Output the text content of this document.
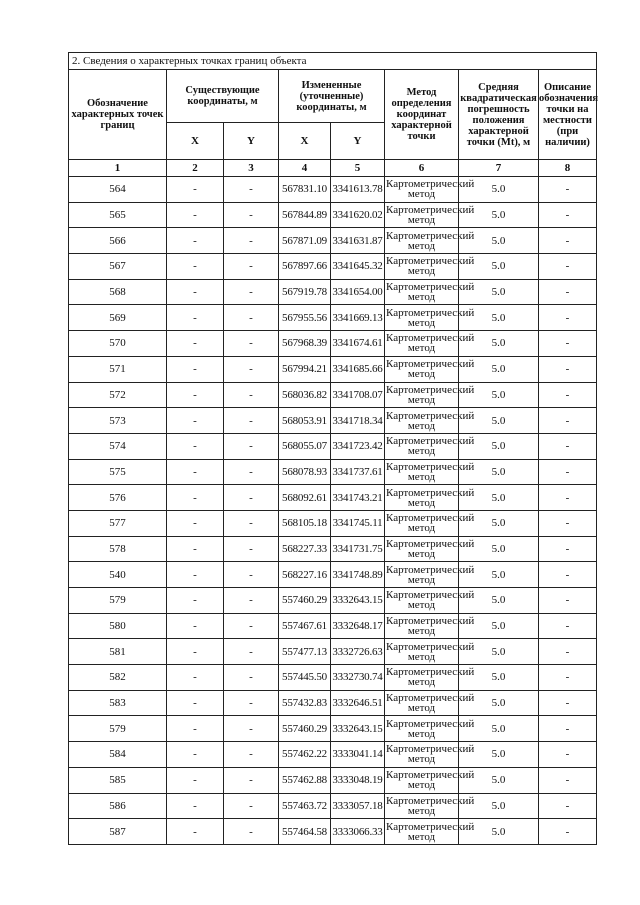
2. Сведения о характерных точках границ объекта							
Обозначение характерных точек границ	Существующие координаты, м		Измененные (уточненные) координаты, м		Метод определения координат характерной точки	Средняя квадратическая погрешность положения характерной точки (Mt), м	Описание обозначения точки на местности (при наличии)
	X	Y	X	Y			
1	2	3	4	5	6	7	8
564	-	-	567831.10	3341613.78	Картометрический метод	5.0	-
565	-	-	567844.89	3341620.02	Картометрический метод	5.0	-
566	-	-	567871.09	3341631.87	Картометрический метод	5.0	-
567	-	-	567897.66	3341645.32	Картометрический метод	5.0	-
568	-	-	567919.78	3341654.00	Картометрический метод	5.0	-
569	-	-	567955.56	3341669.13	Картометрический метод	5.0	-
570	-	-	567968.39	3341674.61	Картометрический метод	5.0	-
571	-	-	567994.21	3341685.66	Картометрический метод	5.0	-
572	-	-	568036.82	3341708.07	Картометрический метод	5.0	-
573	-	-	568053.91	3341718.34	Картометрический метод	5.0	-
574	-	-	568055.07	3341723.42	Картометрический метод	5.0	-
575	-	-	568078.93	3341737.61	Картометрический метод	5.0	-
576	-	-	568092.61	3341743.21	Картометрический метод	5.0	-
577	-	-	568105.18	3341745.11	Картометрический метод	5.0	-
578	-	-	568227.33	3341731.75	Картометрический метод	5.0	-
540	-	-	568227.16	3341748.89	Картометрический метод	5.0	-
579	-	-	557460.29	3332643.15	Картометрический метод	5.0	-
580	-	-	557467.61	3332648.17	Картометрический метод	5.0	-
581	-	-	557477.13	3332726.63	Картометрический метод	5.0	-
582	-	-	557445.50	3332730.74	Картометрический метод	5.0	-
583	-	-	557432.83	3332646.51	Картометрический метод	5.0	-
579	-	-	557460.29	3332643.15	Картометрический метод	5.0	-
584	-	-	557462.22	3333041.14	Картометрический метод	5.0	-
585	-	-	557462.88	3333048.19	Картометрический метод	5.0	-
586	-	-	557463.72	3333057.18	Картометрический метод	5.0	-
587	-	-	557464.58	3333066.33	Картометрический метод	5.0	-
